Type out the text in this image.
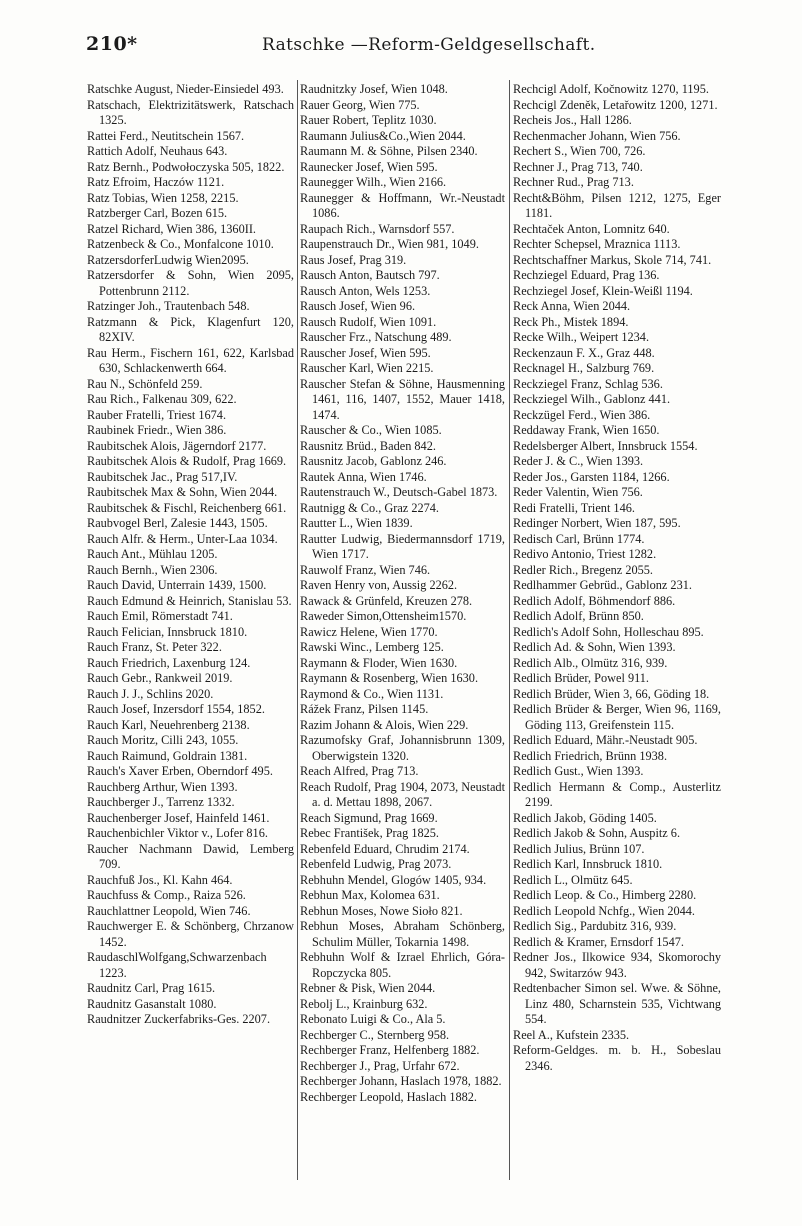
210*	Ratschke —Reform-Geldgesellschaft.
Ratschke August, Nieder-Einsiedel 493.
Ratschach, Elektrizitätswerk, Ratschach 1325.
Rattei Ferd., Neutitschein 1567.
Rattich Adolf, Neuhaus 643.
Ratz Bernh., Podwołoczyska 505, 1822.
Ratz Efroim, Haczów 1121.
Ratz Tobias, Wien 1258, 2215.
Ratzberger Carl, Bozen 615.
Ratzel Richard, Wien 386, 1360II.
Ratzenbeck & Co., Monfalcone 1010.
RatzersdorferLudwig Wien2095.
Ratzersdorfer & Sohn, Wien 2095, Pottenbrunn 2112.
Ratzinger Joh., Trautenbach 548.
Ratzmann & Pick, Klagenfurt 120, 82XIV.
Rau Herm., Fischern 161, 622, Karlsbad 630, Schlackenwerth 664.
Rau N., Schönfeld 259.
Rau Rich., Falkenau 309, 622.
Rauber Fratelli, Triest 1674.
Raubinek Friedr., Wien 386.
Raubitschek Alois, Jägerndorf 2177.
Raubitschek Alois & Rudolf, Prag 1669.
Raubitschek Jac., Prag 517,IV.
Raubitschek Max & Sohn, Wien 2044.
Raubitschek & Fischl, Reichenberg 661.
Raubvogel Berl, Zalesie 1443, 1505.
Rauch Alfr. & Herm., Unter-Laa 1034.
Rauch Ant., Mühlau 1205.
Rauch Bernh., Wien 2306.
Rauch David, Unterrain 1439, 1500.
Rauch Edmund & Heinrich, Stanislau 53.
Rauch Emil, Römerstadt 741.
Rauch Felician, Innsbruck 1810.
Rauch Franz, St. Peter 322.
Rauch Friedrich, Laxenburg 124.
Rauch Gebr., Rankweil 2019.
Rauch J. J., Schlins 2020.
Rauch Josef, Inzersdorf 1554, 1852.
Rauch Karl, Neuehrenberg 2138.
Rauch Moritz, Cilli 243, 1055.
Rauch Raimund, Goldrain 1381.
Rauch's Xaver Erben, Oberndorf 495.
Rauchberg Arthur, Wien 1393.
Rauchberger J., Tarrenz 1332.
Rauchenberger Josef, Hainfeld 1461.
Rauchenbichler Viktor v., Lofer 816.
Raucher Nachmann Dawid, Lemberg 709.
Rauchfuß Jos., Kl. Kahn 464.
Rauchfuss & Comp., Raiza 526.
Rauchlattner Leopold, Wien 746.
Rauchwerger E. & Schönberg, Chrzanow 1452.
RaudaschlWolfgang,Schwarzenbach 1223.
Raudnitz Carl, Prag 1615.
Raudnitz Gasanstalt 1080.
Raudnitzer Zuckerfabriks-Ges. 2207.
Raudnitzky Josef, Wien 1048.
Rauer Georg, Wien 775.
Rauer Robert, Teplitz 1030.
Raumann Julius&Co.,Wien 2044.
Raumann M. & Söhne, Pilsen 2340.
Raunecker Josef, Wien 595.
Raunegger Wilh., Wien 2166.
Raunegger & Hoffmann, Wr.-Neustadt 1086.
Raupach Rich., Warnsdorf 557.
Raupenstrauch Dr., Wien 981, 1049.
Raus Josef, Prag 319.
Rausch Anton, Bautsch 797.
Rausch Anton, Wels 1253.
Rausch Josef, Wien 96.
Rausch Rudolf, Wien 1091.
Rauscher Frz., Natschung 489.
Rauscher Josef, Wien 595.
Rauscher Karl, Wien 2215.
Rauscher Stefan & Söhne, Hausmenning 1461, 116, 1407, 1552, Mauer 1418, 1474.
Rauscher & Co., Wien 1085.
Rausnitz Brüd., Baden 842.
Rausnitz Jacob, Gablonz 246.
Rautek Anna, Wien 1746.
Rautenstrauch W., Deutsch-Gabel 1873.
Rautnigg & Co., Graz 2274.
Rautter L., Wien 1839.
Rautter Ludwig, Biedermannsdorf 1719, Wien 1717.
Rauwolf Franz, Wien 746.
Raven Henry von, Aussig 2262.
Rawack & Grünfeld, Kreuzen 278.
Raweder Simon,Ottensheim1570.
Rawicz Helene, Wien 1770.
Rawski Winc., Lemberg 125.
Raymann & Floder, Wien 1630.
Raymann & Rosenberg, Wien 1630.
Raymond & Co., Wien 1131.
Rážek Franz, Pilsen 1145.
Razim Johann & Alois, Wien 229.
Razumofsky Graf, Johannisbrunn 1309, Oberwigstein 1320.
Reach Alfred, Prag 713.
Reach Rudolf, Prag 1904, 2073, Neustadt a. d. Mettau 1898, 2067.
Reach Sigmund, Prag 1669.
Rebec František, Prag 1825.
Rebenfeld Eduard, Chrudim 2174.
Rebenfeld Ludwig, Prag 2073.
Rebhuhn Mendel, Glogów 1405, 934.
Rebhun Max, Kolomea 631.
Rebhun Moses, Nowe Sioło 821.
Rebhun Moses, Abraham Schönberg, Schulim Müller, Tokarnia 1498.
Rebhuhn Wolf & Izrael Ehrlich, Góra-Ropczycka 805.
Rebner & Pisk, Wien 2044.
Rebolj L., Krainburg 632.
Rebonato Luigi & Co., Ala 5.
Rechberger C., Sternberg 958.
Rechberger Franz, Helfenberg 1882.
Rechberger J., Prag, Urfahr 672.
Rechberger Johann, Haslach 1978, 1882.
Rechberger Leopold, Haslach 1882.
Rechcigl Adolf, Kočnowitz 1270, 1195.
Rechcigl Zdeněk, Letařowitz 1200, 1271.
Recheis Jos., Hall 1286.
Rechenmacher Johann, Wien 756.
Rechert S., Wien 700, 726.
Rechner J., Prag 713, 740.
Rechner Rud., Prag 713.
Recht&Böhm, Pilsen 1212, 1275, Eger 1181.
Rechtaček Anton, Lomnitz 640.
Rechter Schepsel, Mraznica 1113.
Rechtschaffner Markus, Skole 714, 741.
Rechziegel Eduard, Prag 136.
Rechziegel Josef, Klein-Weißl 1194.
Reck Anna, Wien 2044.
Reck Ph., Mistek 1894.
Recke Wilh., Weipert 1234.
Reckenzaun F. X., Graz 448.
Recknagel H., Salzburg 769.
Reckziegel Franz, Schlag 536.
Reckziegel Wilh., Gablonz 441.
Reckzügel Ferd., Wien 386.
Reddaway Frank, Wien 1650.
Redelsberger Albert, Innsbruck 1554.
Reder J. & C., Wien 1393.
Reder Jos., Garsten 1184, 1266.
Reder Valentin, Wien 756.
Redi Fratelli, Trient 146.
Redinger Norbert, Wien 187, 595.
Redisch Carl, Brünn 1774.
Redivo Antonio, Triest 1282.
Redler Rich., Bregenz 2055.
Redlhammer Gebrüd., Gablonz 231.
Redlich Adolf, Böhmendorf 886.
Redlich Adolf, Brünn 850.
Redlich's Adolf Sohn, Holleschau 895.
Redlich Ad. & Sohn, Wien 1393.
Redlich Alb., Olmütz 316, 939.
Redlich Brüder, Powel 911.
Redlich Brüder, Wien 3, 66, Göding 18.
Redlich Brüder & Berger, Wien 96, 1169, Göding 113, Greifenstein 115.
Redlich Eduard, Mähr.-Neustadt 905.
Redlich Friedrich, Brünn 1938.
Redlich Gust., Wien 1393.
Redlich Hermann & Comp., Austerlitz 2199.
Redlich Jakob, Göding 1405.
Redlich Jakob & Sohn, Auspitz 6.
Redlich Julius, Brünn 107.
Redlich Karl, Innsbruck 1810.
Redlich L., Olmütz 645.
Redlich Leop. & Co., Himberg 2280.
Redlich Leopold Nchfg., Wien 2044.
Redlich Sig., Pardubitz 316, 939.
Redlich & Kramer, Ernsdorf 1547.
Redner Jos., Ilkowice 934, Skomorochy 942, Switarzów 943.
Redtenbacher Simon sel. Wwe. & Söhne, Linz 480, Scharnstein 535, Vichtwang 554.
Reel A., Kufstein 2335.
Reform-Geldges. m. b. H., Sobeslau 2346.
